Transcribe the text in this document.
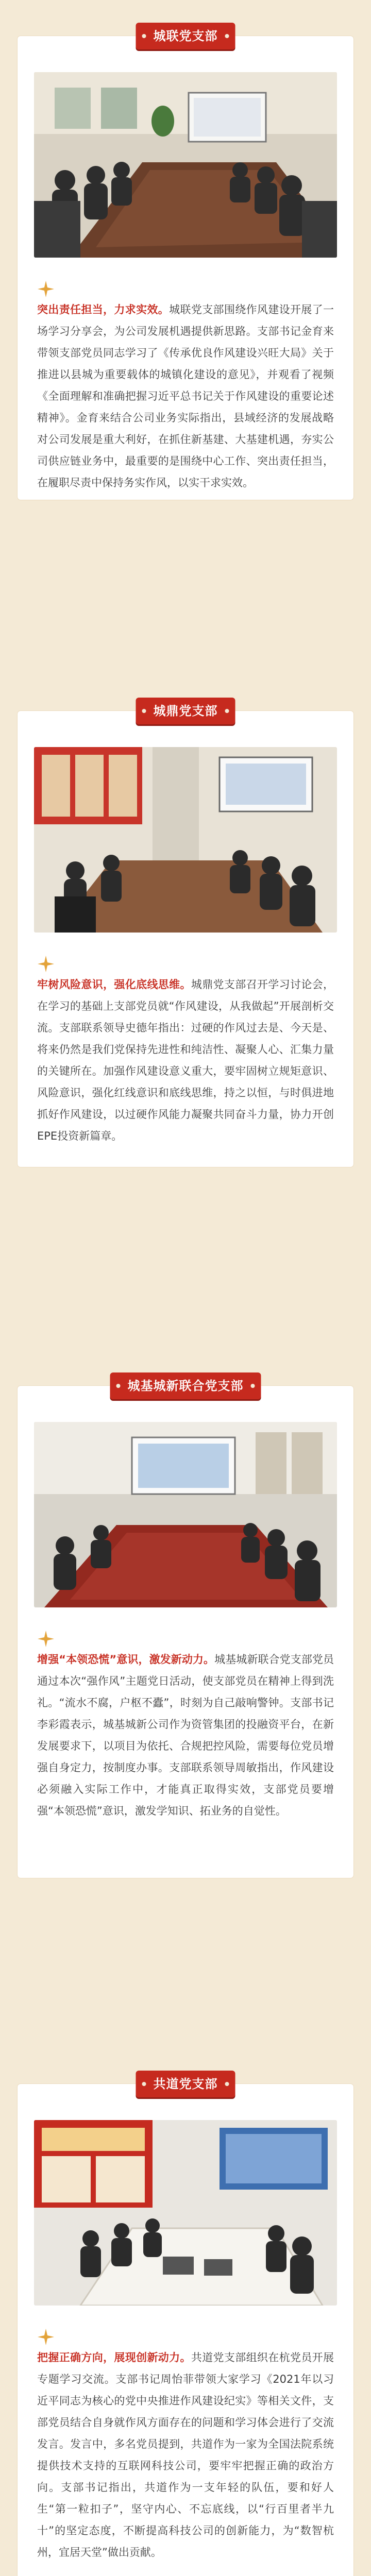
城联党支部
突出责任担当，力求实效。城联党支部围绕作风建设开展了一场学习分享会，为公司发展机遇提供新思路。支部书记金育来带领支部党员同志学习了《传承优良作风建设兴旺大局》关于推进以县城为重要载体的城镇化建设的意见》，并观看了视频《全面理解和准确把握习近平总书记关于作风建设的重要论述精神》。金育来结合公司业务实际指出，县域经济的发展战略对公司发展是重大利好，在抓住新基建、大基建机遇，夯实公司供应链业务中，最重要的是围绕中心工作、突出责任担当，在履职尽责中保持务实作风，以实干求实效。
城鼎党支部
牢树风险意识，强化底线思维。城鼎党支部召开学习讨论会，在学习的基础上支部党员就“作风建设，从我做起”开展剖析交流。支部联系领导史德年指出：过硬的作风过去是、今天是、将来仍然是我们党保持先进性和纯洁性、凝聚人心、汇集力量的关键所在。加强作风建设意义重大，要牢固树立规矩意识、风险意识，强化红线意识和底线思维，持之以恒，与时俱进地抓好作风建设，以过硬作风能力凝聚共同奋斗力量，协力开创EPE投资新篇章。
城基城新联合党支部
增强“本领恐慌”意识，激发新动力。城基城新联合党支部党员通过本次“强作风”主题党日活动，使支部党员在精神上得到洗礼。“流水不腐，户枢不蠹”，时刻为自己敲响警钟。支部书记李彩霞表示，城基城新公司作为资管集团的投融资平台，在新发展要求下，以项目为依托、合规把控风险，需要每位党员增强自身定力，按制度办事。支部联系领导周敏指出，作风建设必须融入实际工作中，才能真正取得实效，支部党员要增强“本领恐慌”意识，激发学知识、拓业务的自觉性。
共道党支部
把握正确方向，展现创新动力。共道党支部组织在杭党员开展专题学习交流。支部书记周怡菲带领大家学习《2021年以习近平同志为核心的党中央推进作风建设纪实》等相关文件，支部党员结合自身就作风方面存在的问题和学习体会进行了交流发言。发言中，多名党员提到，共道作为一家为全国法院系统提供技术支持的互联网科技公司，要牢牢把握正确的政治方向。支部书记指出，共道作为一支年轻的队伍，要和好人生“第一粒扣子”，坚守内心、不忘底线，以“行百里者半九十”的坚定态度，不断提高科技公司的创新能力，为“数智杭州，宜居天堂”做出贡献。
